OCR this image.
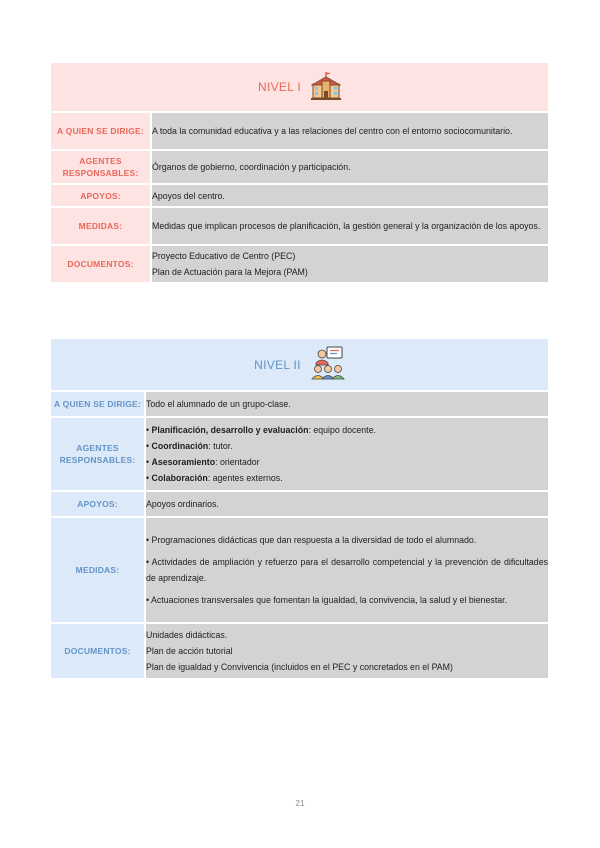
NIVEL I	

A QUIEN SE DIRIGE:	A toda la comunidad educativa y a las relaciones del centro con el entorno sociocomunitario.

AGENTES RESPONSABLES:	Órganos de gobierno, coordinación y participación.

APOYOS:	Apoyos del centro.

MEDIDAS:	Medidas que implican procesos de planificación, la gestión general y la organización de los apoyos.

DOCUMENTOS:	Proyecto Educativo de Centro (PEC)
Plan de Actuación para la Mejora (PAM)
NIVEL II	

A QUIEN SE DIRIGE:	Todo el alumnado de un grupo-clase.
AGENTES RESPONSABLES:	• Planificación, desarrollo y evaluación: equipo docente.
• Coordinación: tutor.
• Asesoramiento: orientador
• Colaboración: agentes externos.

APOYOS:	Apoyos ordinarios.
MEDIDAS:	• Programaciones didácticas que dan respuesta a la diversidad de todo el alumnado.
• Actividades de ampliación y refuerzo para el desarrollo competencial y la prevención de dificultades de aprendizaje.
• Actuaciones transversales que fomentan la igualdad, la convivencia, la salud y el bienestar.

DOCUMENTOS:	Unidades didácticas.
Plan de acción tutorial
Plan de igualdad y Convivencia (incluidos en el PEC y concretados en el PAM)
21
